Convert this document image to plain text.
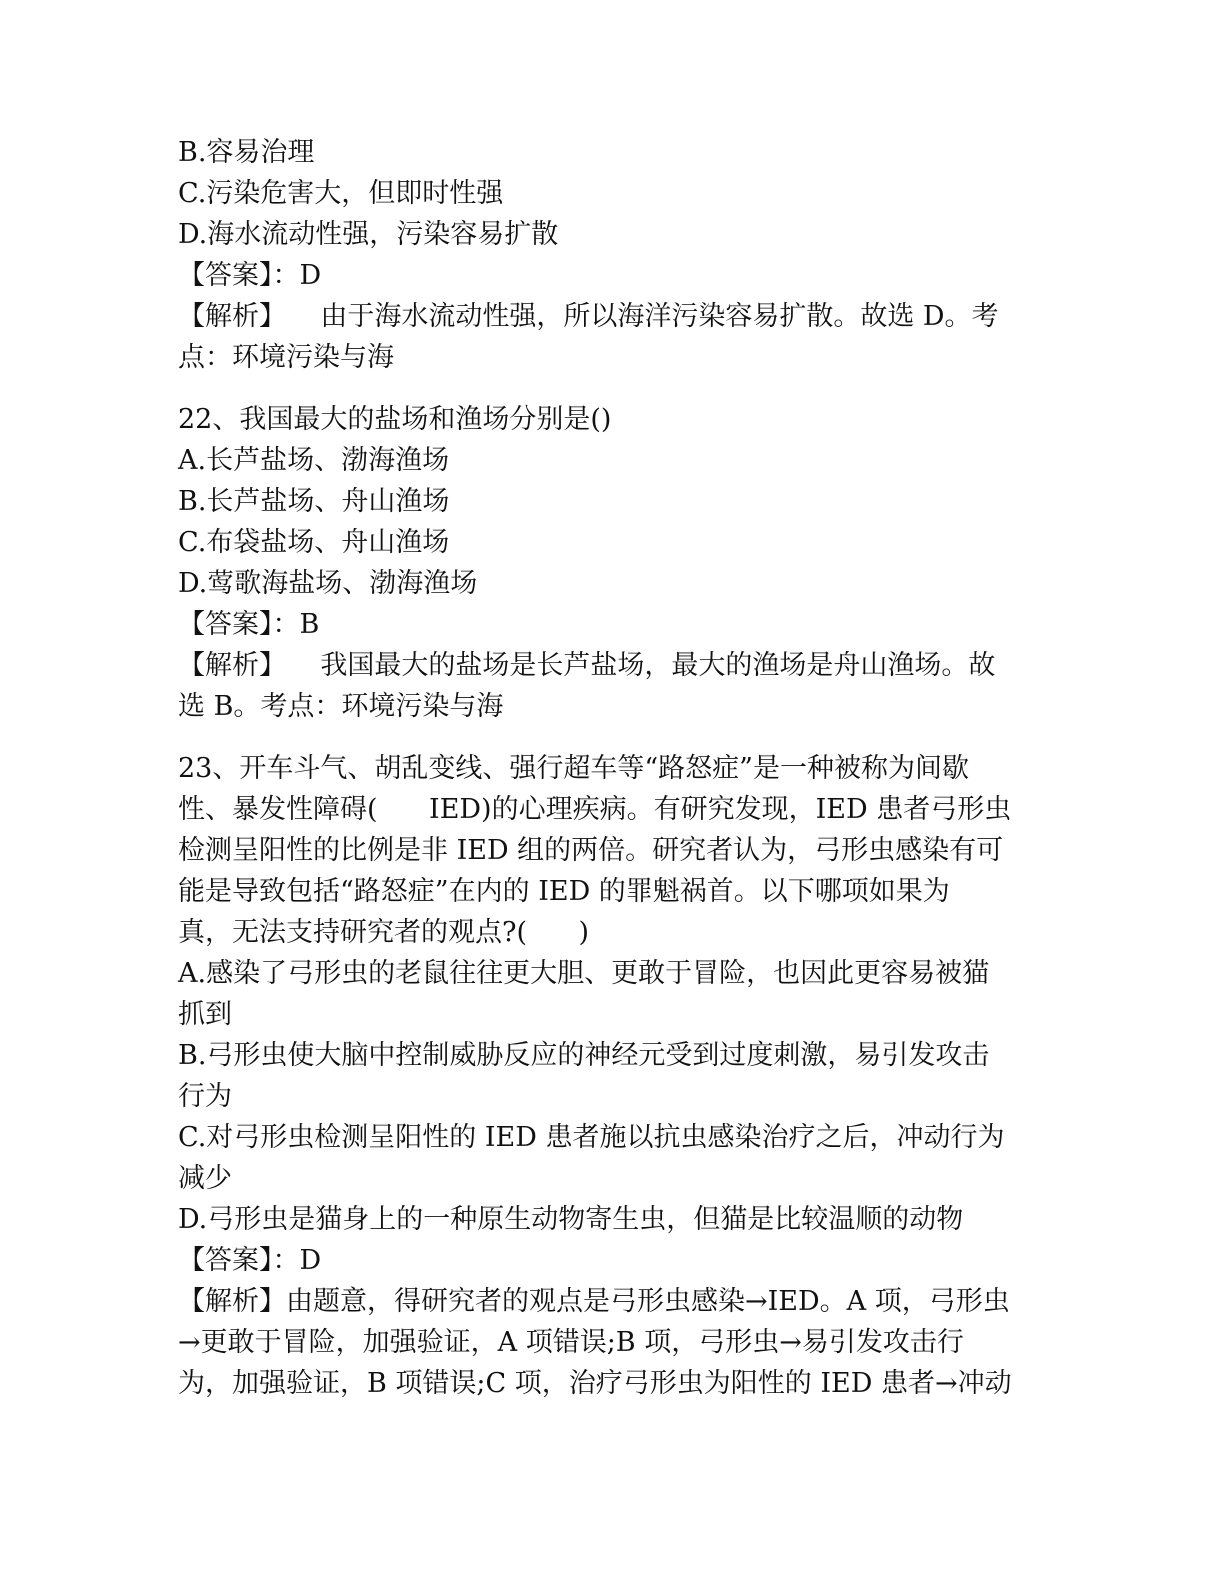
B.容易治理
C.污染危害大，但即时性强
D.海水流动性强，污染容易扩散
【答案】：D
【解析】    由于海水流动性强，所以海洋污染容易扩散。故选 D。考
点：环境污染与海
22、我国最大的盐场和渔场分别是()
A.长芦盐场、渤海渔场
B.长芦盐场、舟山渔场
C.布袋盐场、舟山渔场
D.莺歌海盐场、渤海渔场
【答案】：B
【解析】    我国最大的盐场是长芦盐场，最大的渔场是舟山渔场。故
选 B。考点：环境污染与海
23、开车斗气、胡乱变线、强行超车等“路怒症”是一种被称为间歇
性、暴发性障碍(      IED)的心理疾病。有研究发现，IED 患者弓形虫
检测呈阳性的比例是非 IED 组的两倍。研究者认为，弓形虫感染有可
能是导致包括“路怒症”在内的 IED 的罪魁祸首。以下哪项如果为
真，无法支持研究者的观点?(      )
A.感染了弓形虫的老鼠往往更大胆、更敢于冒险，也因此更容易被猫
抓到
B.弓形虫使大脑中控制威胁反应的神经元受到过度刺激，易引发攻击
行为
C.对弓形虫检测呈阳性的 IED 患者施以抗虫感染治疗之后，冲动行为
减少
D.弓形虫是猫身上的一种原生动物寄生虫，但猫是比较温顺的动物
【答案】：D
【解析】由题意，得研究者的观点是弓形虫感染→IED。A 项，弓形虫
→更敢于冒险，加强验证，A 项错误;B 项，弓形虫→易引发攻击行
为，加强验证，B 项错误;C 项，治疗弓形虫为阳性的 IED 患者→冲动
